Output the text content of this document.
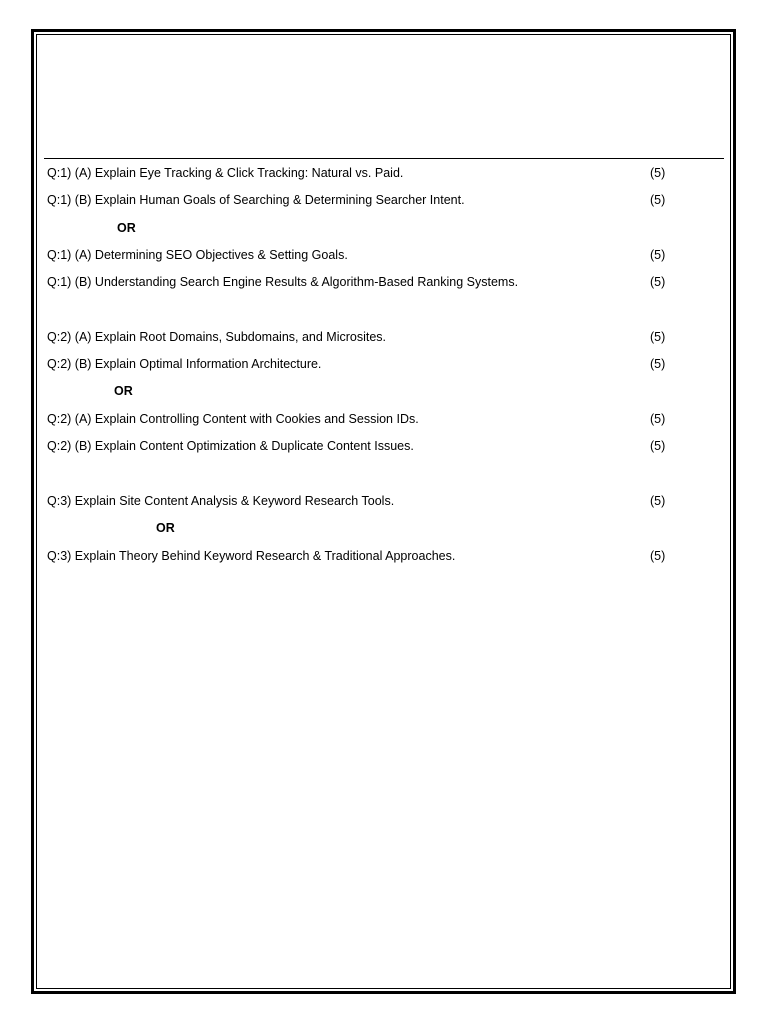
Q:1) (A) Explain Eye Tracking & Click Tracking: Natural vs. Paid.	(5)
Q:1) (B) Explain Human Goals of Searching & Determining Searcher Intent.	(5)
OR
Q:1) (A) Determining SEO Objectives & Setting Goals.	(5)
Q:1) (B) Understanding Search Engine Results & Algorithm-Based Ranking Systems.	(5)
Q:2) (A) Explain Root Domains, Subdomains, and Microsites.	(5)
Q:2) (B) Explain Optimal Information Architecture.	(5)
OR
Q:2) (A) Explain Controlling Content with Cookies and Session IDs.	(5)
Q:2) (B) Explain Content Optimization & Duplicate Content Issues.	(5)
Q:3) Explain Site Content Analysis & Keyword Research Tools.	(5)
OR
Q:3) Explain Theory Behind Keyword Research & Traditional Approaches.	(5)
